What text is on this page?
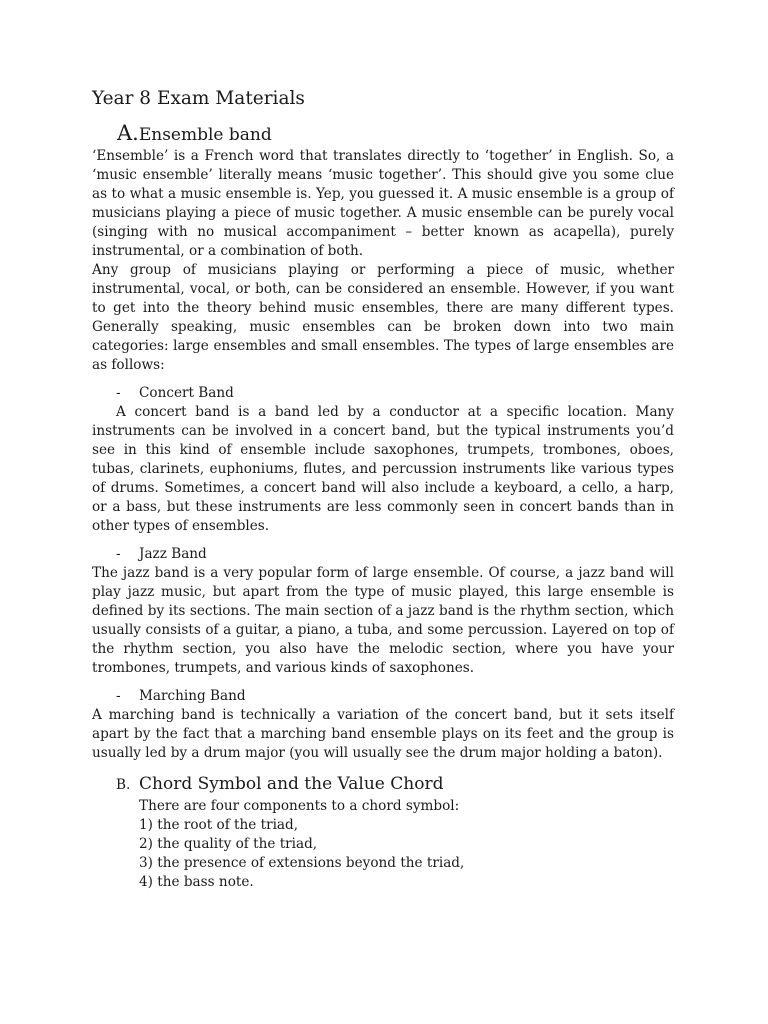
Year 8 Exam Materials
A.Ensemble band

‘Ensemble’ is a French word that translates directly to ‘together’ in English. So, a ‘music ensemble’ literally means ‘music together’. This should give you some clue as to what a music ensemble is. Yep, you guessed it. A music ensemble is a group of musicians playing a piece of music together. A music ensemble can be purely vocal (singing with no musical accompaniment – better known as acapella), purely instrumental, or a combination of both.

Any group of musicians playing or performing a piece of music, whether instrumental, vocal, or both, can be considered an ensemble. However, if you want to get into the theory behind music ensembles, there are many different types. Generally speaking, music ensembles can be broken down into two main categories: large ensembles and small ensembles. The types of large ensembles are as follows:

- Concert Band

A concert band is a band led by a conductor at a specific location. Many instruments can be involved in a concert band, but the typical instruments you’d see in this kind of ensemble include saxophones, trumpets, trombones, oboes, tubas, clarinets, euphoniums, flutes, and percussion instruments like various types of drums. Sometimes, a concert band will also include a keyboard, a cello, a harp, or a bass, but these instruments are less commonly seen in concert bands than in other types of ensembles.

- Jazz Band

The jazz band is a very popular form of large ensemble. Of course, a jazz band will play jazz music, but apart from the type of music played, this large ensemble is defined by its sections. The main section of a jazz band is the rhythm section, which usually consists of a guitar, a piano, a tuba, and some percussion. Layered on top of the rhythm section, you also have the melodic section, where you have your trombones, trumpets, and various kinds of saxophones.

- Marching Band

A marching band is technically a variation of the concert band, but it sets itself apart by the fact that a marching band ensemble plays on its feet and the group is usually led by a drum major (you will usually see the drum major holding a baton).

B. Chord Symbol and the Value Chord
There are four components to a chord symbol:
1) the root of the triad,
2) the quality of the triad,
3) the presence of extensions beyond the triad,
4) the bass note.
